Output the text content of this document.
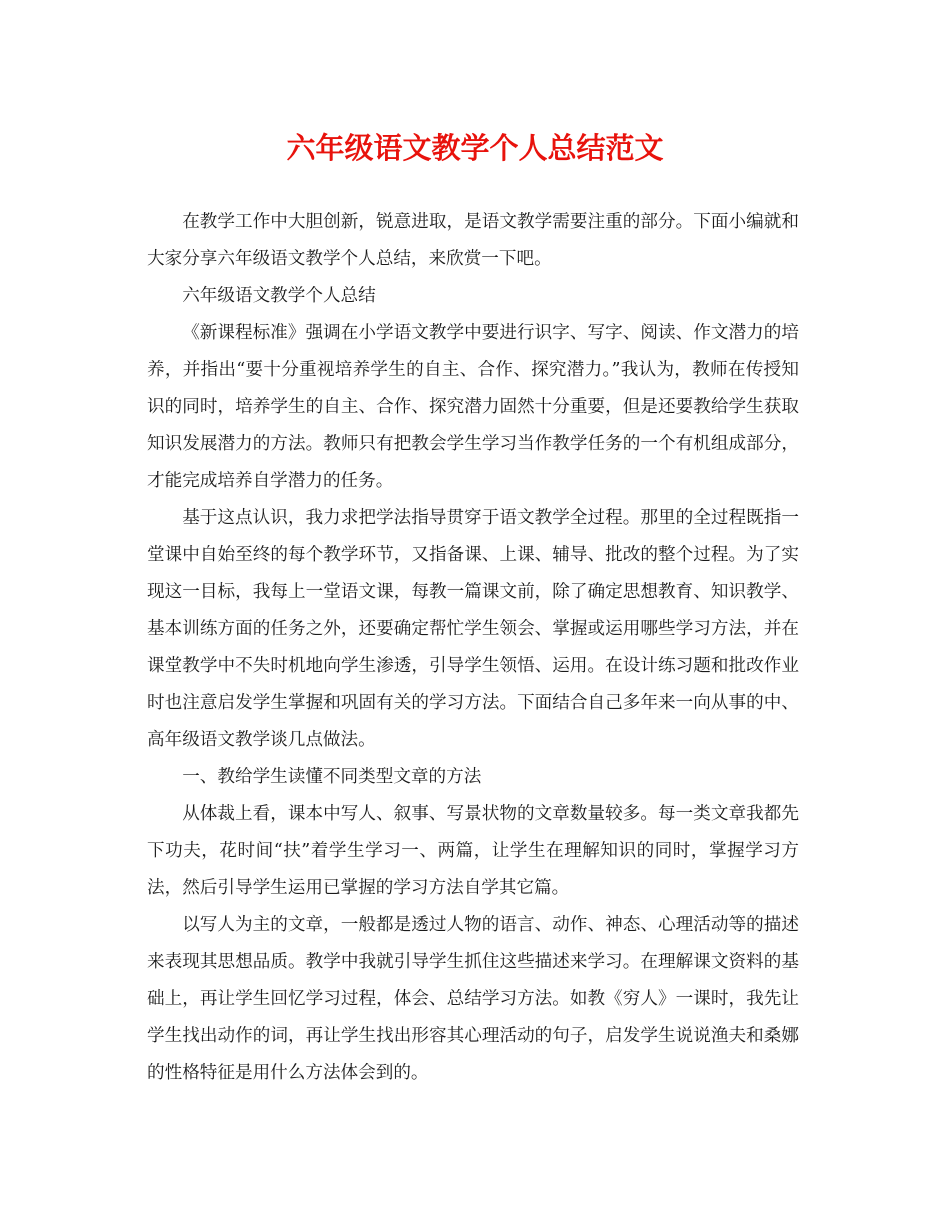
六年级语文教学个人总结范文

在教学工作中大胆创新，锐意进取，是语文教学需要注重的部分。下面小编就和大家分享六年级语文教学个人总结，来欣赏一下吧。

六年级语文教学个人总结

《新课程标准》强调在小学语文教学中要进行识字、写字、阅读、作文潜力的培养，并指出“要十分重视培养学生的自主、合作、探究潜力。”我认为，教师在传授知识的同时，培养学生的自主、合作、探究潜力固然十分重要，但是还要教给学生获取知识发展潜力的方法。教师只有把教会学生学习当作教学任务的一个有机组成部分，才能完成培养自学潜力的任务。

基于这点认识，我力求把学法指导贯穿于语文教学全过程。那里的全过程既指一堂课中自始至终的每个教学环节，又指备课、上课、辅导、批改的整个过程。为了实现这一目标，我每上一堂语文课，每教一篇课文前，除了确定思想教育、知识教学、基本训练方面的任务之外，还要确定帮忙学生领会、掌握或运用哪些学习方法，并在课堂教学中不失时机地向学生渗透，引导学生领悟、运用。在设计练习题和批改作业时也注意启发学生掌握和巩固有关的学习方法。下面结合自己多年来一向从事的中、高年级语文教学谈几点做法。

一、教给学生读懂不同类型文章的方法

从体裁上看，课本中写人、叙事、写景状物的文章数量较多。每一类文章我都先下功夫，花时间“扶”着学生学习一、两篇，让学生在理解知识的同时，掌握学习方法，然后引导学生运用已掌握的学习方法自学其它篇。

以写人为主的文章，一般都是透过人物的语言、动作、神态、心理活动等的描述来表现其思想品质。教学中我就引导学生抓住这些描述来学习。在理解课文资料的基础上，再让学生回忆学习过程，体会、总结学习方法。如教《穷人》一课时，我先让学生找出动作的词，再让学生找出形容其心理活动的句子，启发学生说说渔夫和桑娜的性格特征是用什么方法体会到的。
